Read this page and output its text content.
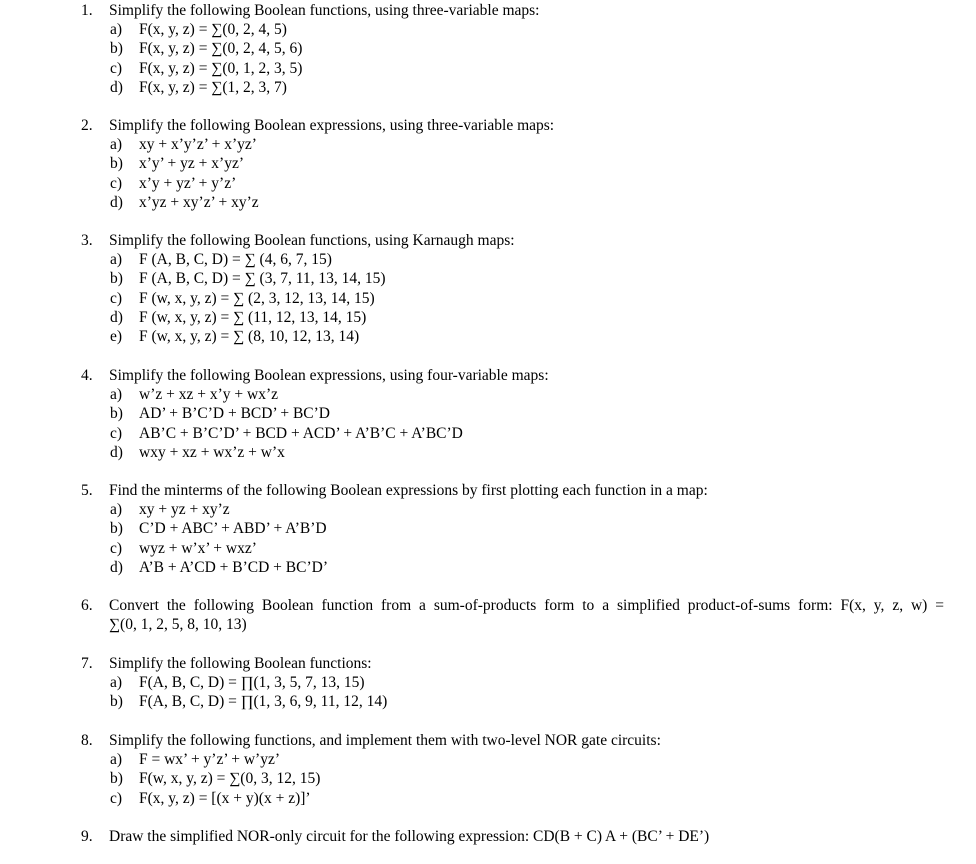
1. Simplify the following Boolean functions, using three-variable maps:
a) F(x, y, z) = ∑(0, 2, 4, 5)
b) F(x, y, z) = ∑(0, 2, 4, 5, 6)
c) F(x, y, z) = ∑(0, 1, 2, 3, 5)
d) F(x, y, z) = ∑(1, 2, 3, 7)
2. Simplify the following Boolean expressions, using three-variable maps:
a) xy + x’y’z’ + x’yz’
b) x’y’ + yz + x’yz’
c) x’y + yz’ + y’z’
d) x’yz + xy’z’ + xy’z
3. Simplify the following Boolean functions, using Karnaugh maps:
a) F (A, B, C, D) = ∑ (4, 6, 7, 15)
b) F (A, B, C, D) = ∑ (3, 7, 11, 13, 14, 15)
c) F (w, x, y, z) = ∑ (2, 3, 12, 13, 14, 15)
d) F (w, x, y, z) = ∑ (11, 12, 13, 14, 15)
e) F (w, x, y, z) = ∑ (8, 10, 12, 13, 14)
4. Simplify the following Boolean expressions, using four-variable maps:
a) w’z + xz + x’y + wx’z
b) AD’ + B’C’D + BCD’ + BC’D
c) AB’C + B’C’D’ + BCD + ACD’ + A’B’C + A’BC’D
d) wxy + xz + wx’z + w’x
5. Find the minterms of the following Boolean expressions by first plotting each function in a map:
a) xy + yz + xy’z
b) C’D + ABC’ + ABD’ + A’B’D
c) wyz + w’x’ + wxz’
d) A’B + A’CD + B’CD + BC’D’
6. Convert the following Boolean function from a sum-of-products form to a simplified product-of-sums form: F(x, y, z, w) =
∑(0, 1, 2, 5, 8, 10, 13)
7. Simplify the following Boolean functions:
a) F(A, B, C, D) = ∏(1, 3, 5, 7, 13, 15)
b) F(A, B, C, D) = ∏(1, 3, 6, 9, 11, 12, 14)
8. Simplify the following functions, and implement them with two-level NOR gate circuits:
a) F = wx’ + y’z’ + w’yz’
b) F(w, x, y, z) = ∑(0, 3, 12, 15)
c) F(x, y, z) = [(x + y)(x + z)]’
9. Draw the simplified NOR-only circuit for the following expression: CD(B + C) A + (BC’ + DE’)
